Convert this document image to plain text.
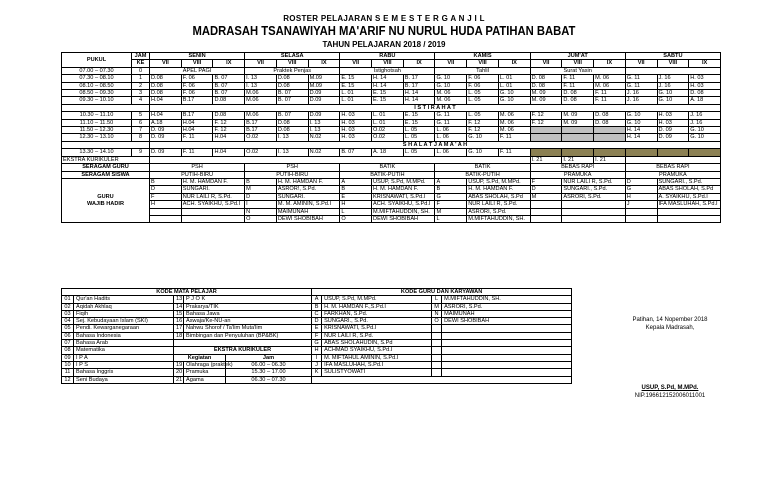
ROSTER PELAJARAN S E M E S T E R G A N J I L
MADRASAH TSANAWIYAH MA'ARIF NU NURUL HUDA PATIHAN BABAT
TAHUN PELAJARAN 2018 / 2019
PUKUL	JAM	SENIN			SELASA			RABU			KAMIS			JUM'AT			SABTU		
	KE	VII	VIII	IX	VII	VIII	IX	VII	VIII	IX	VII	VIII	IX	VII	VIII	IX	VII	VIII	IX
07.00 – 07.30	0	APEL PAGI			Praktek Penjas			Istighotsah			Tahlil			Surat Yasin					
07.30 – 08.10	1	D.08	F. 06	B. 07	I. 13	D.08	M.09	E. 15	H. 14	B. 17	G. 10	F. 06	L. 01	D. 08	F. 11	M. 06	G. 11	J. 16	H. 03
08.10 – 08.50	2	D.08	F. 06	B. 07	I. 13	D.08	M.09	E. 15	H. 14	B. 17	G. 10	F. 06	L. 01	D. 08	F. 11	M. 06	G. 11	J. 16	H. 03
08.50 – 09.30	3	D.08	F. 06	B. 07	M.06	B. 07	D.09	L. 01	E. 15	H. 14	M. 06	L. 05	G. 10	M. 09	D. 08	F. 11	J. 16	G. 10	D. 08
09.30 – 10.10	4	H.04	B.17	D.08	M.06	B. 07	D.09	L. 01	E. 15	H. 14	M. 06	L. 05	G. 10	M. 09	D. 08	F. 11	J. 16	G. 10	A. 18
		I S T I R A H A T																	
10.30 – 11.10	5	H.04	B.17	D.08	M.06	B. 07	D.09	H. 03	L. 01	E. 15	G. 11	L. 05	M. 06	F. 12	M. 09	D. 08	G. 10	H. 03	J. 16
11.10 – 11.50	6	A.18	H.04	F. 12	B.17	D.08	I. 13	H. 03	L. 01	E. 15	G. 11	F. 12	M. 06	F. 12	M. 09	D. 08	G. 10	H. 03	J. 16
11.50 – 12.30	7	D. 09	H.04	F. 12	B.17	D.08	I. 13	H. 03	O.02	L. 05	L. 06	F. 12	M. 06				H. 14	D. 09	G. 10
12.30 – 13.10	8	D. 09	F. 11	H.04	O.02	I. 13	N.02	H. 03	O.02	L. 05	L. 06	G. 10	F. 11				H. 14	D. 09	G. 10
		S H A L A T J A M A ' A H																	
13.30 – 14.10	9	D. 09	F. 11	H.04	O.02	I. 13	N.02	B. 07	A. 18	L. 05	L. 06	G. 10	F. 11						
EKSTRA KURIKULER														I. 21	I. 21	I. 21			
SERAGAM GURU		PSH			PSH			BATIK			BATIK			BEBAS RAPI			BEBAS RAPI		
SERAGAM SISWA		PUTIH-BIRU			PUTIH-BIRU			BATIK-PUTIH			BATIK-PUTIH			PRAMUKA			PRAMUKA		

GURU
WAJIB HADIR		B	H. M. HAMDAN F.		B	H. M. HAMDAN F.		A	USUP, S.Pd, M.MPd.		A	USUP, S.Pd, M.MPd.		F	NUR LAILI R, S.Pd.		D	SUNGARI., S.Pd.	
		D	SUNGARI.		M	ASROR!, S.Pd.		B	H. M. HAMDAN F.		B	H. M. HAMDAN F.		D	SUNGARI., S.Pd.		G	ABAS SHOLAH, S.Pd	
		F	NUR LAILI R, S.Pd.		D	SUNGARI.		E	KRISNAWATI, S.Pd.I		G	ABAS SHOLAH, S.Pd		M	ASRORI, S.Pd.		H	A. SYAIKHU, S.Pd.I	
		H	ACH. SYAIKHU, S.Pd.I		I	M. M. AMININ, S.Pd.I		H	ACH. SYAIKHU, S.Pd.I		F	NUR LAILI R, S.Pd.					J	IFA MASLUHAH, S.Pd.I	
					N	MAIMUNAH		L	M.MIFTAHUDDIN, SH.		M	ASRORI, S.Pd.							
					O	DEWI SHOBIBAH		O	DEWI SHOBIBAH		L	M.MIFTAHUDDIN, SH.							
KODE MATA PELAJAR					KODE GURU DAN KARYAWAN			
01	Qur'an Hadits	13	P J O K		A	USUP, S.Pd, M.MPd.	L	M.MIFTAHUDDIN, SH.
02	Aqidah Akhlaq	14	Prakarya/TIK		B	H. M. HAMDAN F.,S.Pd.I	M	ASRORI, S.Pd.
03	Fiqih	15	Bahasa Jawa		C	FARKHAN, S.Pd.	N	MAIMUNAH
04	Sej. Kebudayaan Islam (SKI)	16	Aswaja/Ke-NU-an		D	SUNGARI., S.Pd.	O	DEWI SHOBIBAH
05	Pendi. Kewarganegaraan	17	Nahwu Shorof / Ta'lim Muta'lim		E	KRISNAWATI, S.Pd.I		
06	Bahasa Indonesia	18	Bimbingan dan Penyuluhan (BP&BK)		F	NUR LAILI R, S.Pd.		
07	Bahasa Arab				G	ABAS SHOLAHUDIN, S.Pd		
08	Matematika	EKSTRA KURIKULER			H	ACHMAD SYAIKHU, S.Pd.I		
09	I P A	Kegiatan		Jam	I	M. MIFTAHUL AMININ, S.Pd.I		
10	I P S	19	Olahraga (praktek)	06.00 – 06.30	J	IFA MASLUHAH, S.Pd.I		
11	Bahasa Inggris	20	Pramuka	15.30 – 17.00	K	SULISTYOWATI		
12	Seni Budaya	21	Agama	06.30 – 07.30				
Patihan, 14 Nopember 2018
Kepala Madrasah,
USUP, S.Pd, M.MPd.
NIP.196612152006011001
